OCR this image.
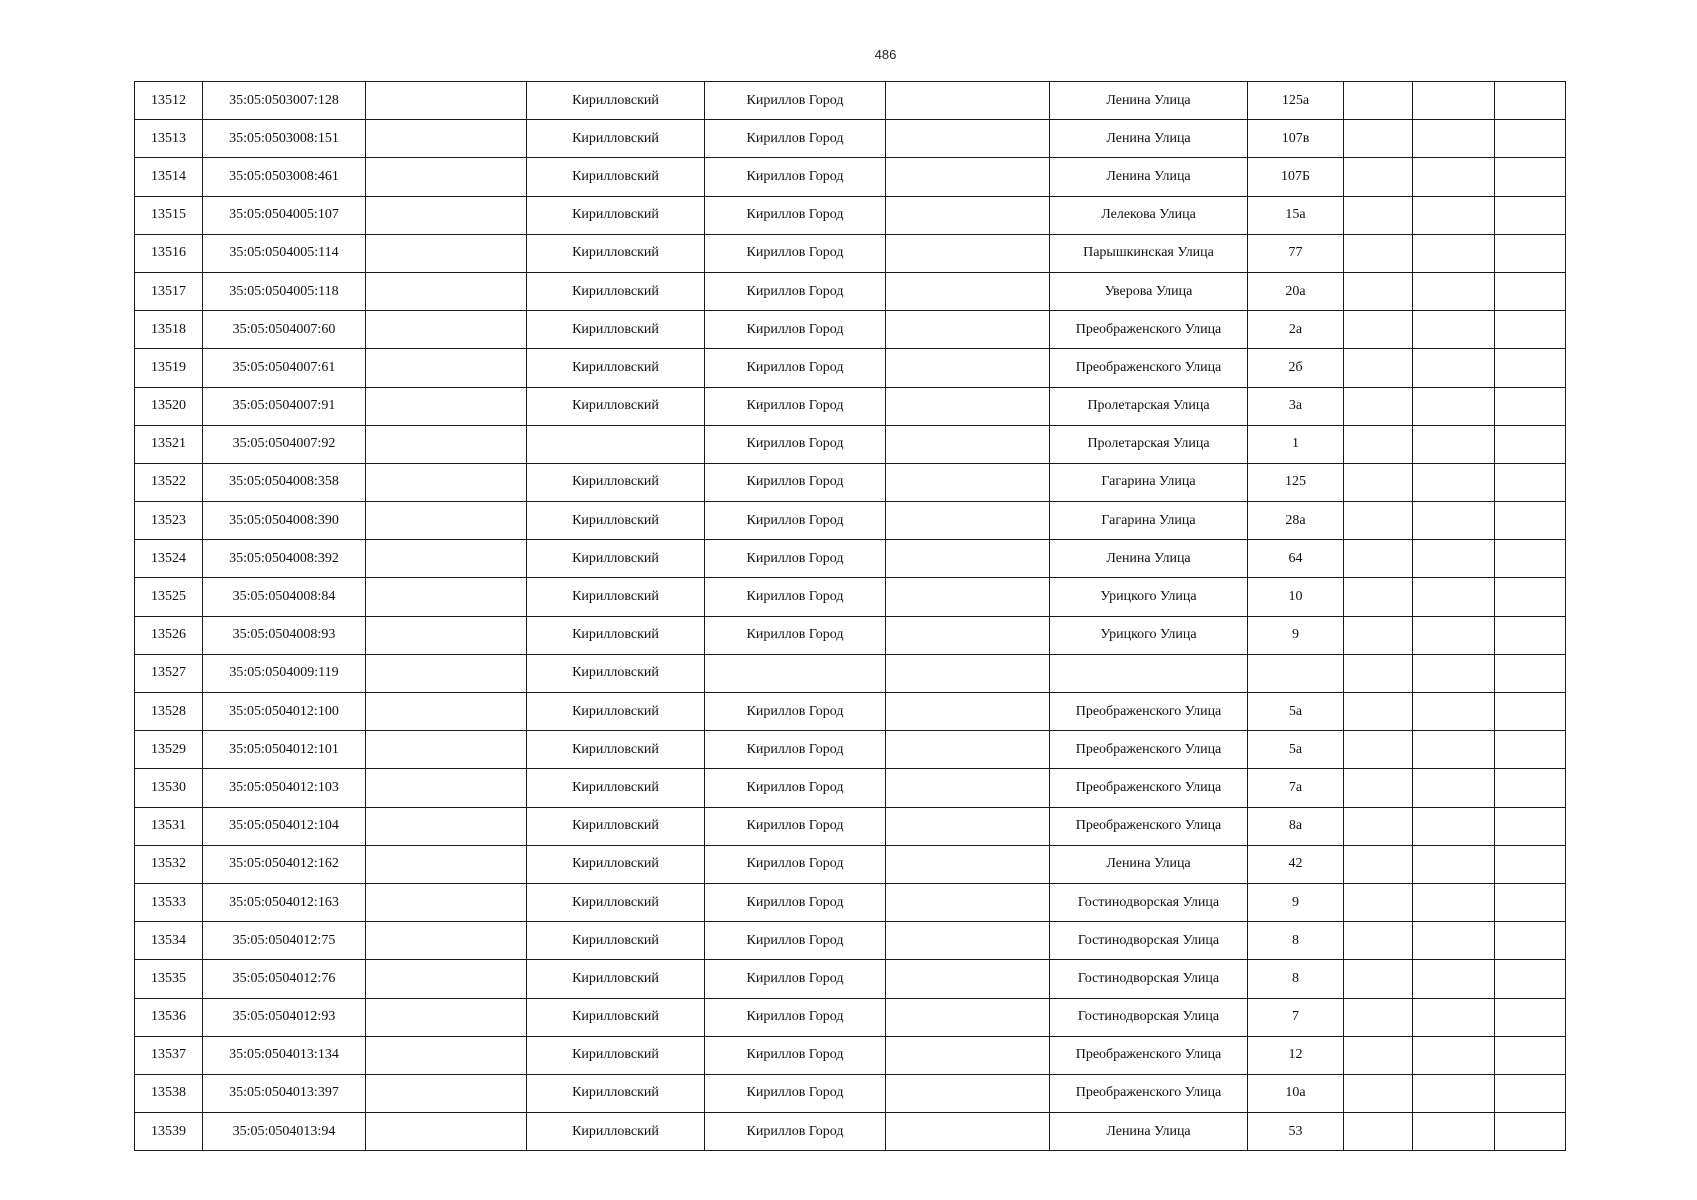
486
13512	35:05:0503007:128		Кирилловский	Кириллов Город		Ленина Улица	125а			
13513	35:05:0503008:151		Кирилловский	Кириллов Город		Ленина Улица	107в			
13514	35:05:0503008:461		Кирилловский	Кириллов Город		Ленина Улица	107Б			
13515	35:05:0504005:107		Кирилловский	Кириллов Город		Лелекова Улица	15а			
13516	35:05:0504005:114		Кирилловский	Кириллов Город		Парышкинская Улица	77			
13517	35:05:0504005:118		Кирилловский	Кириллов Город		Уверова Улица	20а			
13518	35:05:0504007:60		Кирилловский	Кириллов Город		Преображенского Улица	2а			
13519	35:05:0504007:61		Кирилловский	Кириллов Город		Преображенского Улица	2б			
13520	35:05:0504007:91		Кирилловский	Кириллов Город		Пролетарская Улица	3а			
13521	35:05:0504007:92			Кириллов Город		Пролетарская Улица	1			
13522	35:05:0504008:358		Кирилловский	Кириллов Город		Гагарина Улица	125			
13523	35:05:0504008:390		Кирилловский	Кириллов Город		Гагарина Улица	28а			
13524	35:05:0504008:392		Кирилловский	Кириллов Город		Ленина Улица	64			
13525	35:05:0504008:84		Кирилловский	Кириллов Город		Урицкого Улица	10			
13526	35:05:0504008:93		Кирилловский	Кириллов Город		Урицкого Улица	9			
13527	35:05:0504009:119		Кирилловский							
13528	35:05:0504012:100		Кирилловский	Кириллов Город		Преображенского Улица	5а			
13529	35:05:0504012:101		Кирилловский	Кириллов Город		Преображенского Улица	5а			
13530	35:05:0504012:103		Кирилловский	Кириллов Город		Преображенского Улица	7а			
13531	35:05:0504012:104		Кирилловский	Кириллов Город		Преображенского Улица	8а			
13532	35:05:0504012:162		Кирилловский	Кириллов Город		Ленина Улица	42			
13533	35:05:0504012:163		Кирилловский	Кириллов Город		Гостинодворская Улица	9			
13534	35:05:0504012:75		Кирилловский	Кириллов Город		Гостинодворская Улица	8			
13535	35:05:0504012:76		Кирилловский	Кириллов Город		Гостинодворская Улица	8			
13536	35:05:0504012:93		Кирилловский	Кириллов Город		Гостинодворская Улица	7			
13537	35:05:0504013:134		Кирилловский	Кириллов Город		Преображенского Улица	12			
13538	35:05:0504013:397		Кирилловский	Кириллов Город		Преображенского Улица	10а			
13539	35:05:0504013:94		Кирилловский	Кириллов Город		Ленина Улица	53			
